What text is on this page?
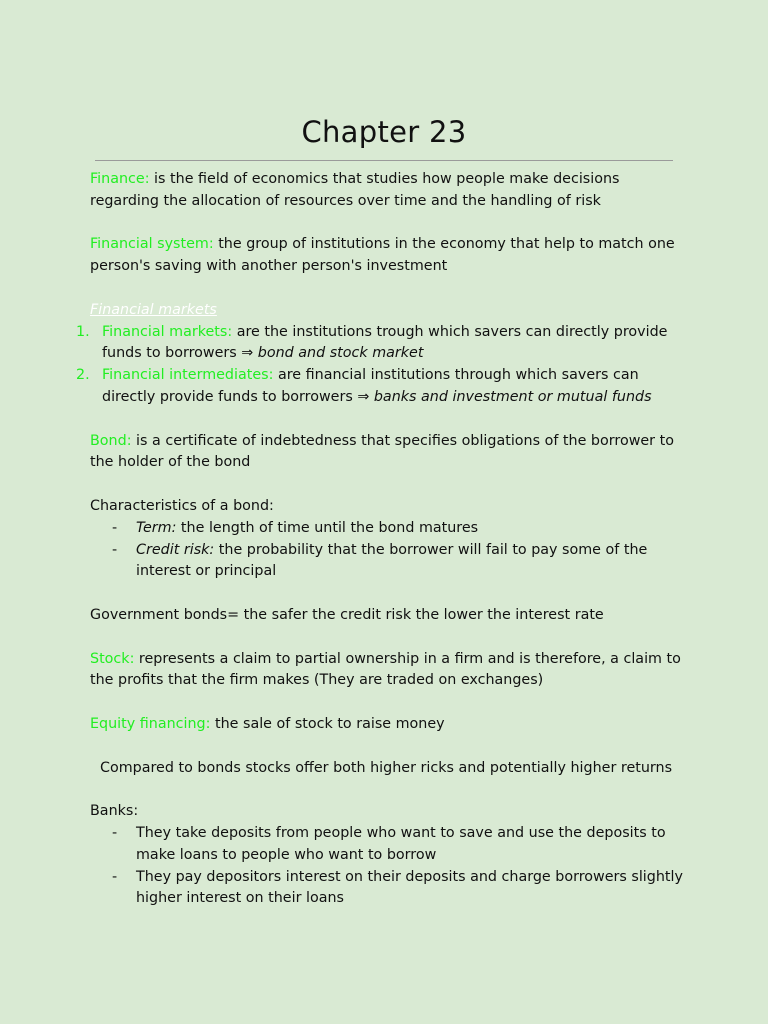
Chapter 23

Finance: is the field of economics that studies how people make decisions regarding the allocation of resources over time and the handling of risk

Financial system: the group of institutions in the economy that help to match one person's saving with another person's investment

Financial markets

1. Financial markets: are the institutions trough which savers can directly provide funds to borrowers ⇒ bond and stock market
2. Financial intermediates: are financial institutions through which savers can directly provide funds to borrowers ⇒ banks and investment or mutual funds

Bond: is a certificate of indebtedness that specifies obligations of the borrower to the holder of the bond

Characteristics of a bond:

- Term: the length of time until the bond matures
- Credit risk: the probability that the borrower will fail to pay some of the interest or principal

Government bonds= the safer the credit risk the lower the interest rate

Stock: represents a claim to partial ownership in a firm and is therefore, a claim to the profits that the firm makes (They are traded on exchanges)

Equity financing: the sale of stock to raise money

Compared to bonds stocks offer both higher ricks and potentially higher returns

Banks:

- They take deposits from people who want to save and use the deposits to make loans to people who want to borrow
- They pay depositors interest on their deposits and charge borrowers slightly higher interest on their loans
